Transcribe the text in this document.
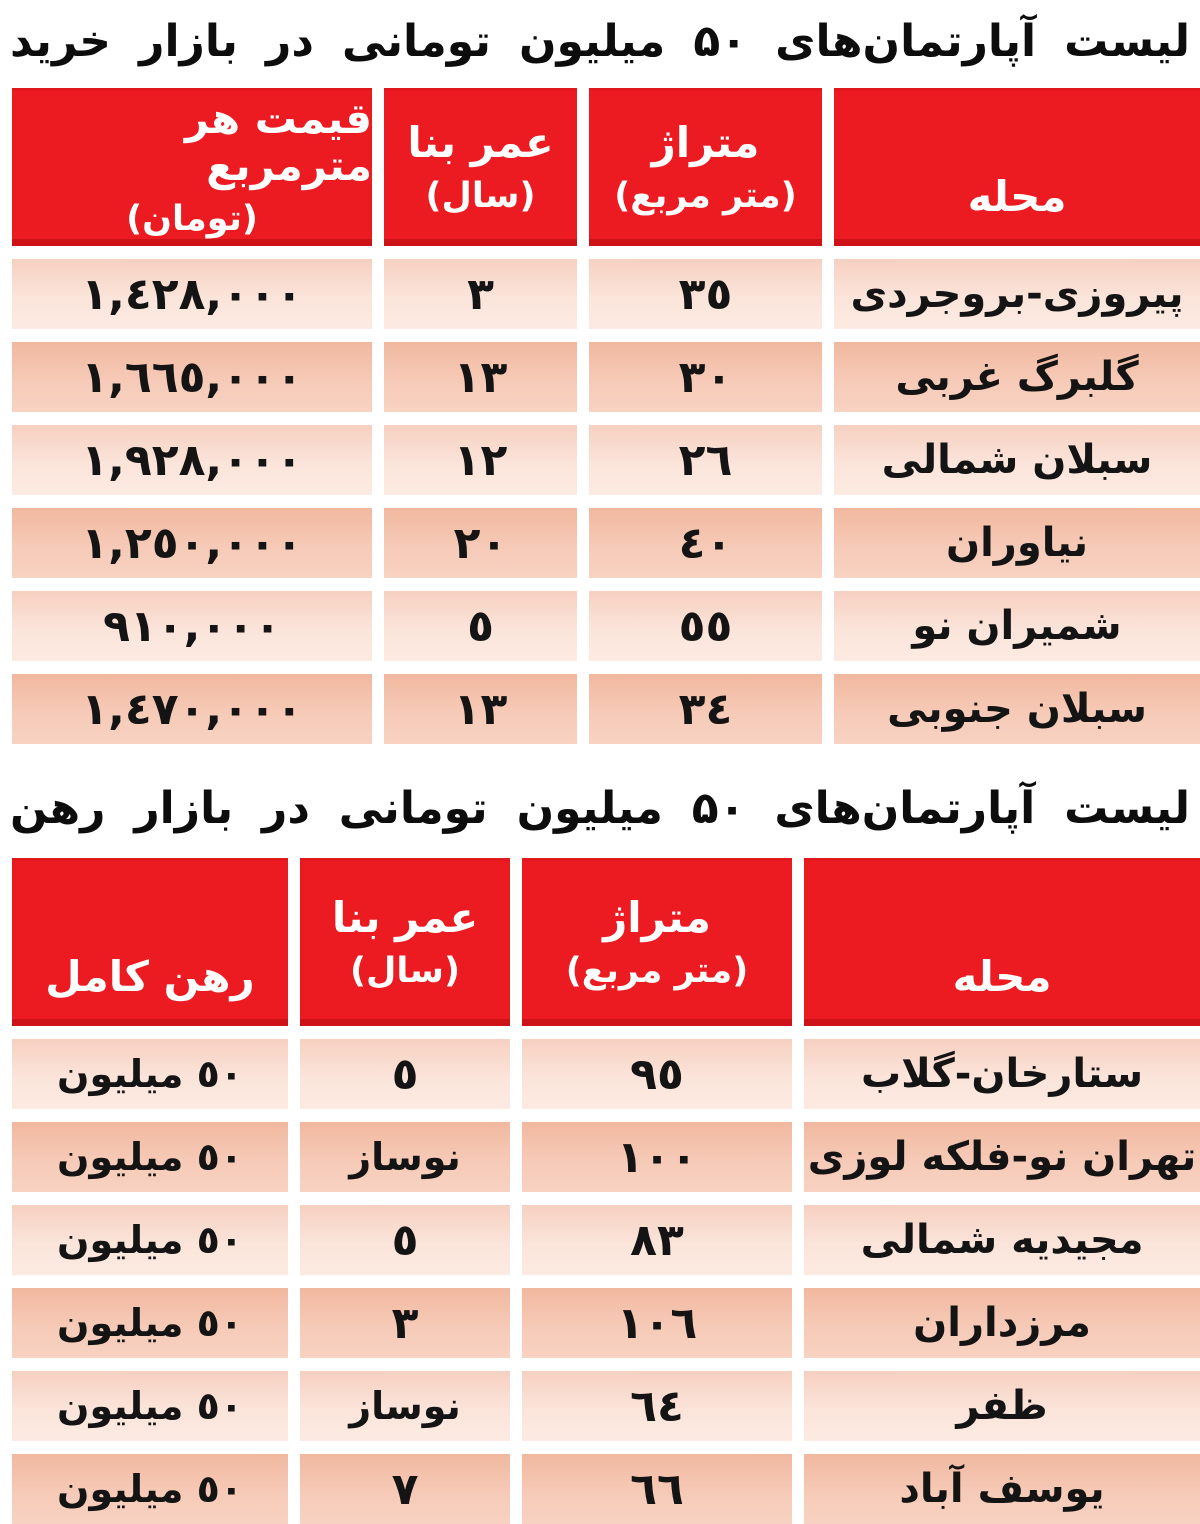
لیست آپارتمان‌های ۵۰ میلیون تومانی در بازار خرید
محله
متراژ
(متر مربع)
عمر بنا
(سال)
قیمت هر مترمربع
(تومان)
پیروزی-بروجردی
٣٥
٣
١,٤٢٨,٠٠٠
گلبرگ غربی
٣٠
١٣
١,٦٦٥,٠٠٠
سبلان شمالی
٢٦
١٢
١,٩٢٨,٠٠٠
نیاوران
٤٠
٢٠
١,٢٥٠,٠٠٠
شمیران نو
٥٥
٥
٩١٠,٠٠٠
سبلان جنوبی
٣٤
١٣
١,٤٧٠,٠٠٠
لیست آپارتمان‌های ۵۰ میلیون تومانی در بازار رهن
محله
متراژ
(متر مربع)
عمر بنا
(سال)
رهن کامل
ستارخان-گلاب
٩٥
٥
٥٠ میلیون
تهران نو-فلکه لوزی
١٠٠
نوساز
٥٠ میلیون
مجیدیه شمالی
٨٣
٥
٥٠ میلیون
مرزداران
١٠٦
٣
٥٠ میلیون
ظفر
٦٤
نوساز
٥٠ میلیون
یوسف آباد
٦٦
٧
٥٠ میلیون
